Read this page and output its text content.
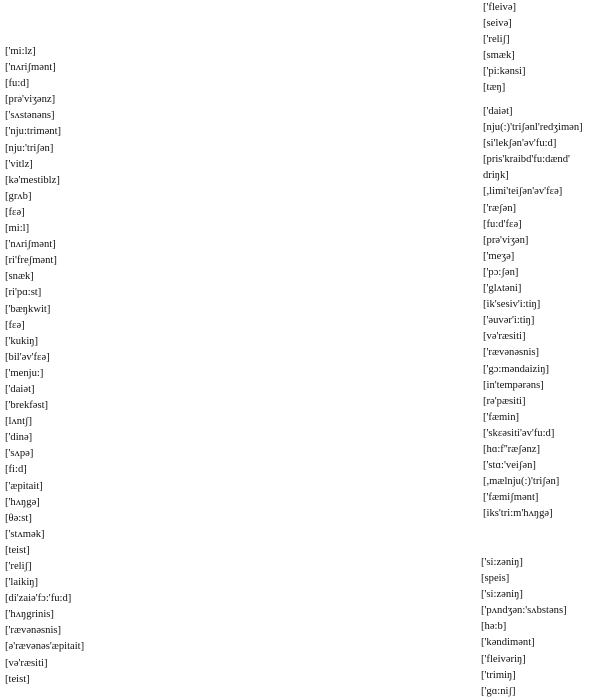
['mi:lz]
['nʌriʃmənt]
[fu:d]
[prə'viʒənz]
['sʌstənəns]
['nju:trimənt]
[nju:'triʃən]
['vitlz]
[kə'mestiblz]
[grʌb]
[fεə]
[mi:l]
['nʌriʃmənt]
[ri'freʃmənt]
[snæk]
[ri'pɑ:st]
['bæŋkwit]
[fεə]
['kukiŋ]
[bil'əv'fεə]
['menju:]
['daiət]
['brekfəst]
[lʌntʃ]
['dinə]
['sʌpə]
[fi:d]
['æpitait]
['hʌŋgə]
[θə:st]
['stʌmək]
[teist]
['reliʃ]
['laikiŋ]
[di'zaiə'fɔ:'fu:d]
['hʌŋgrinis]
['rævənəsnis]
[ə'rævənəs'æpitait]
[və'ræsiti]
[teist]
['fleivə]
[seivə]
['reliʃ]
[smæk]
['pi:kənsi]
[tæŋ]
['daiət]
[nju(:)'triʃənl'redʒimən]
[si'lekʃən'əv'fu:d]
[pris'kraibd'fu:dænd'
driŋk]
[,limi'teiʃən'əv'fεə]
['ræʃən]
[fu:d'fεə]
[prə'viʒən]
['meʒə]
['pɔ:ʃən]
['glʌtəni]
[ik'sesiv'i:tiŋ]
['əuvər'i:tiŋ]
[və'ræsiti]
['rævənəsnis]
['gɔ:məndaiziŋ]
[in'tempərəns]
[rə'pæsiti]
['fæmin]
['skεəsiti'əv'fu:d]
[hɑ:f''ræʃənz]
['stɑ:'veiʃən]
[,mælnju(:)'triʃən]
['fæmiʃmənt]
[iks'tri:m'hʌŋgə]
['si:zəniŋ]
[speis]
['si:zəniŋ]
['pʌndʒən:'sʌbstəns]
[hə:b]
['kəndimənt]
['fleivəriŋ]
['trimiŋ]
['gɑ:niʃ]
